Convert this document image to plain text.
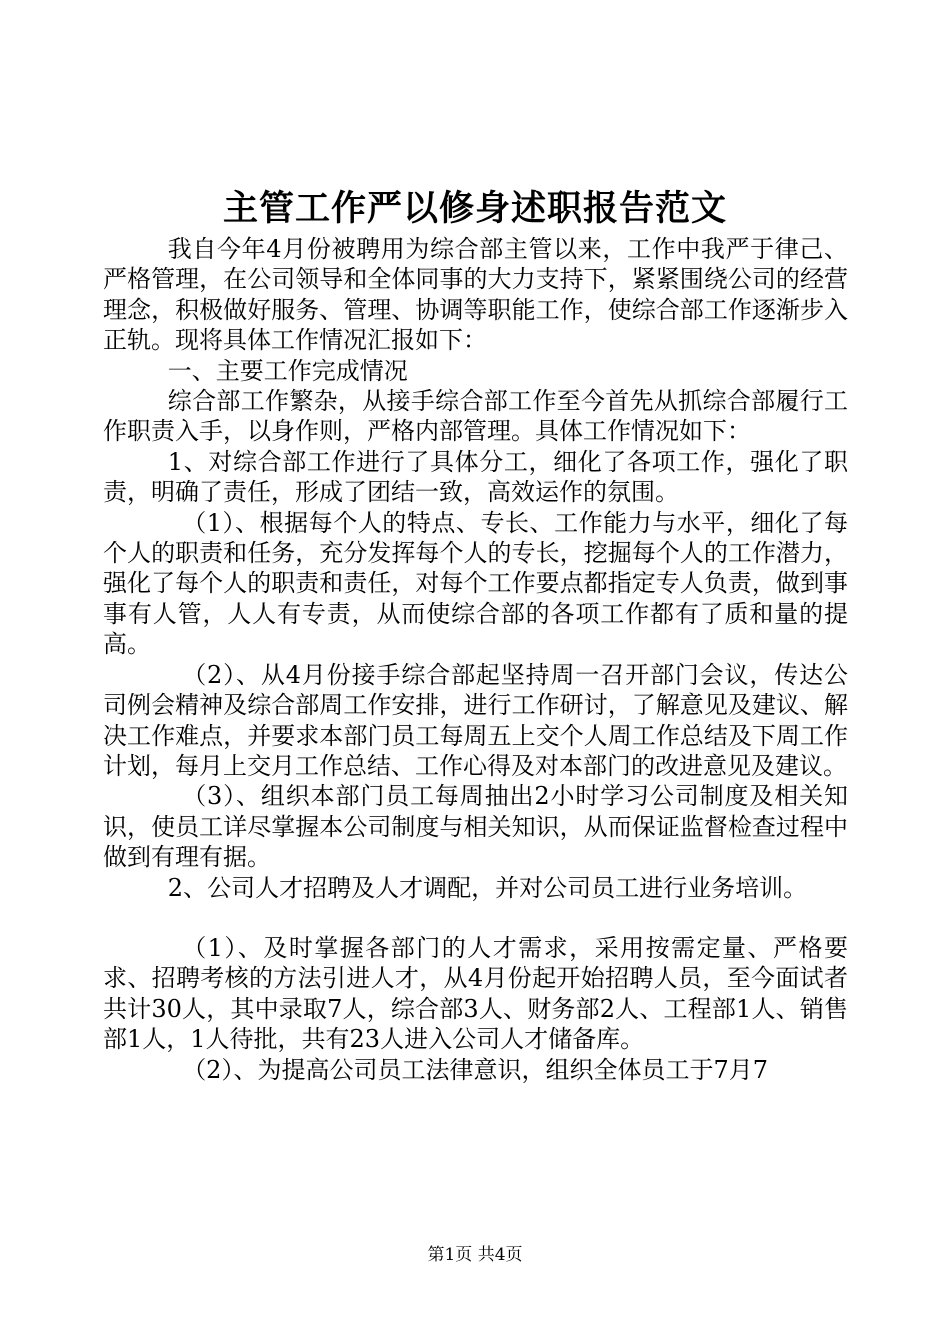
主管工作严以修身述职报告范文

我自今年4月份被聘用为综合部主管以来，工作中我严于律己、严格管理，在公司领导和全体同事的大力支持下，紧紧围绕公司的经营理念，积极做好服务、管理、协调等职能工作，使综合部工作逐渐步入正轨。现将具体工作情况汇报如下：

一、主要工作完成情况

综合部工作繁杂，从接手综合部工作至今首先从抓综合部履行工作职责入手，以身作则，严格内部管理。具体工作情况如下：

1、对综合部工作进行了具体分工，细化了各项工作，强化了职责，明确了责任，形成了团结一致，高效运作的氛围。

（1）、根据每个人的特点、专长、工作能力与水平，细化了每个人的职责和任务，充分发挥每个人的专长，挖掘每个人的工作潜力，强化了每个人的职责和责任，对每个工作要点都指定专人负责，做到事事有人管，人人有专责，从而使综合部的各项工作都有了质和量的提高。

（2）、从4月份接手综合部起坚持周一召开部门会议，传达公司例会精神及综合部周工作安排，进行工作研讨，了解意见及建议、解决工作难点，并要求本部门员工每周五上交个人周工作总结及下周工作计划，每月上交月工作总结、工作心得及对本部门的改进意见及建议。

（3）、组织本部门员工每周抽出2小时学习公司制度及相关知识，使员工详尽掌握本公司制度与相关知识，从而保证监督检查过程中做到有理有据。

2、公司人才招聘及人才调配，并对公司员工进行业务培训。

（1）、及时掌握各部门的人才需求，采用按需定量、严格要求、招聘考核的方法引进人才，从4月份起开始招聘人员，至今面试者共计30人，其中录取7人，综合部3人、财务部2人、工程部1人、销售部1人，1人待批，共有23人进入公司人才储备库。

（2）、为提高公司员工法律意识，组织全体员工于7月7

第1页 共4页
